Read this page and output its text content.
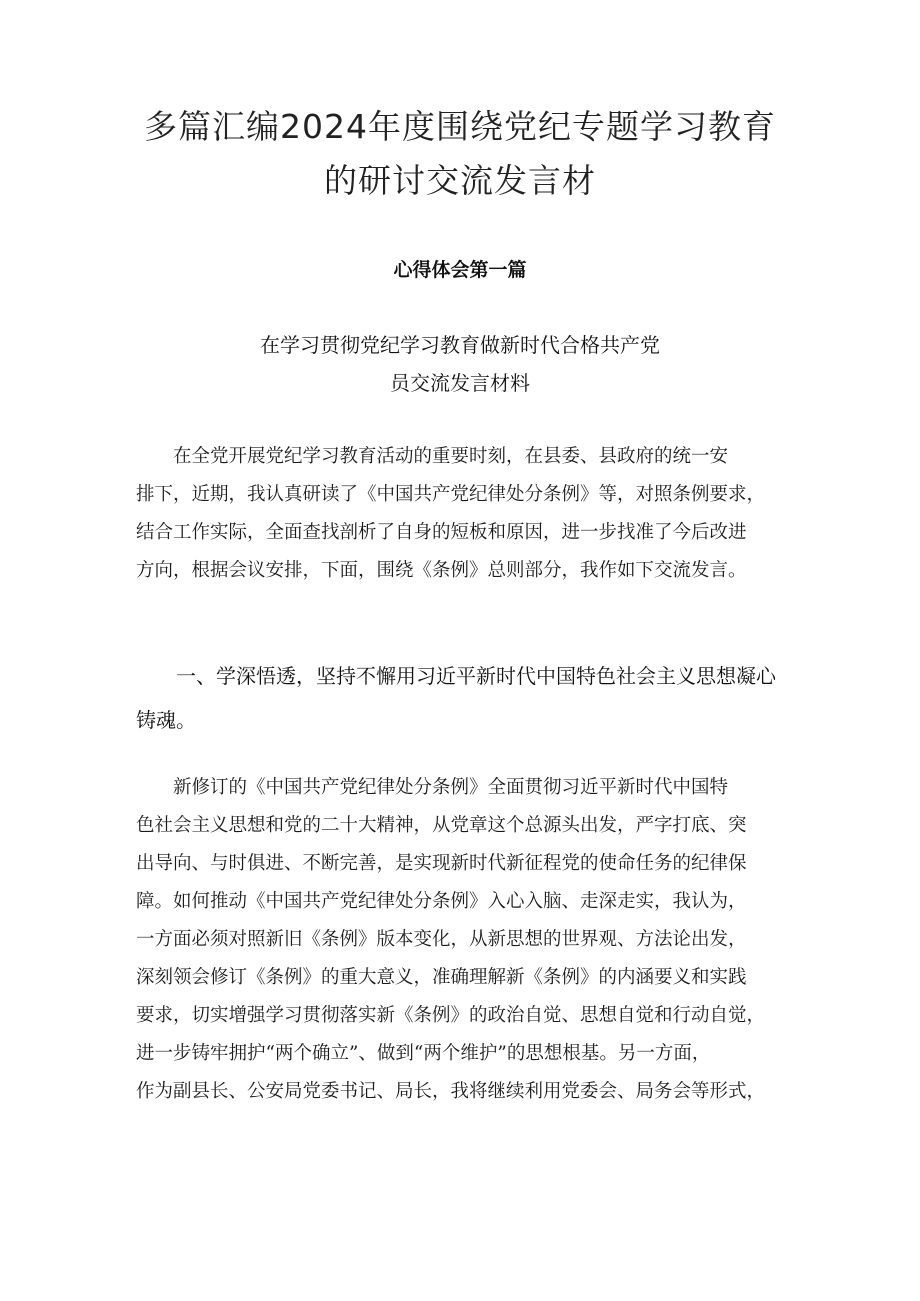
多篇汇编2024年度围绕党纪专题学习教育
的研讨交流发言材

心得体会第一篇

在学习贯彻党纪学习教育做新时代合格共产党
员交流发言材料

在全党开展党纪学习教育活动的重要时刻，在县委、县政府的统一安
排下，近期，我认真研读了《中国共产党纪律处分条例》等，对照条例要求，
结合工作实际，全面查找剖析了自身的短板和原因，进一步找准了今后改进
方向，根据会议安排，下面，围绕《条例》总则部分，我作如下交流发言。

一、学深悟透，坚持不懈用习近平新时代中国特色社会主义思想凝心
铸魂。

新修订的《中国共产党纪律处分条例》全面贯彻习近平新时代中国特
色社会主义思想和党的二十大精神，从党章这个总源头出发，严字打底、突
出导向、与时俱进、不断完善，是实现新时代新征程党的使命任务的纪律保
障。如何推动《中国共产党纪律处分条例》入心入脑、走深走实，我认为，
一方面必须对照新旧《条例》版本变化，从新思想的世界观、方法论出发，
深刻领会修订《条例》的重大意义，准确理解新《条例》的内涵要义和实践
要求，切实增强学习贯彻落实新《条例》的政治自觉、思想自觉和行动自觉，
进一步铸牢拥护“两个确立”、做到“两个维护”的思想根基。另一方面，
作为副县长、公安局党委书记、局长，我将继续利用党委会、局务会等形式，
